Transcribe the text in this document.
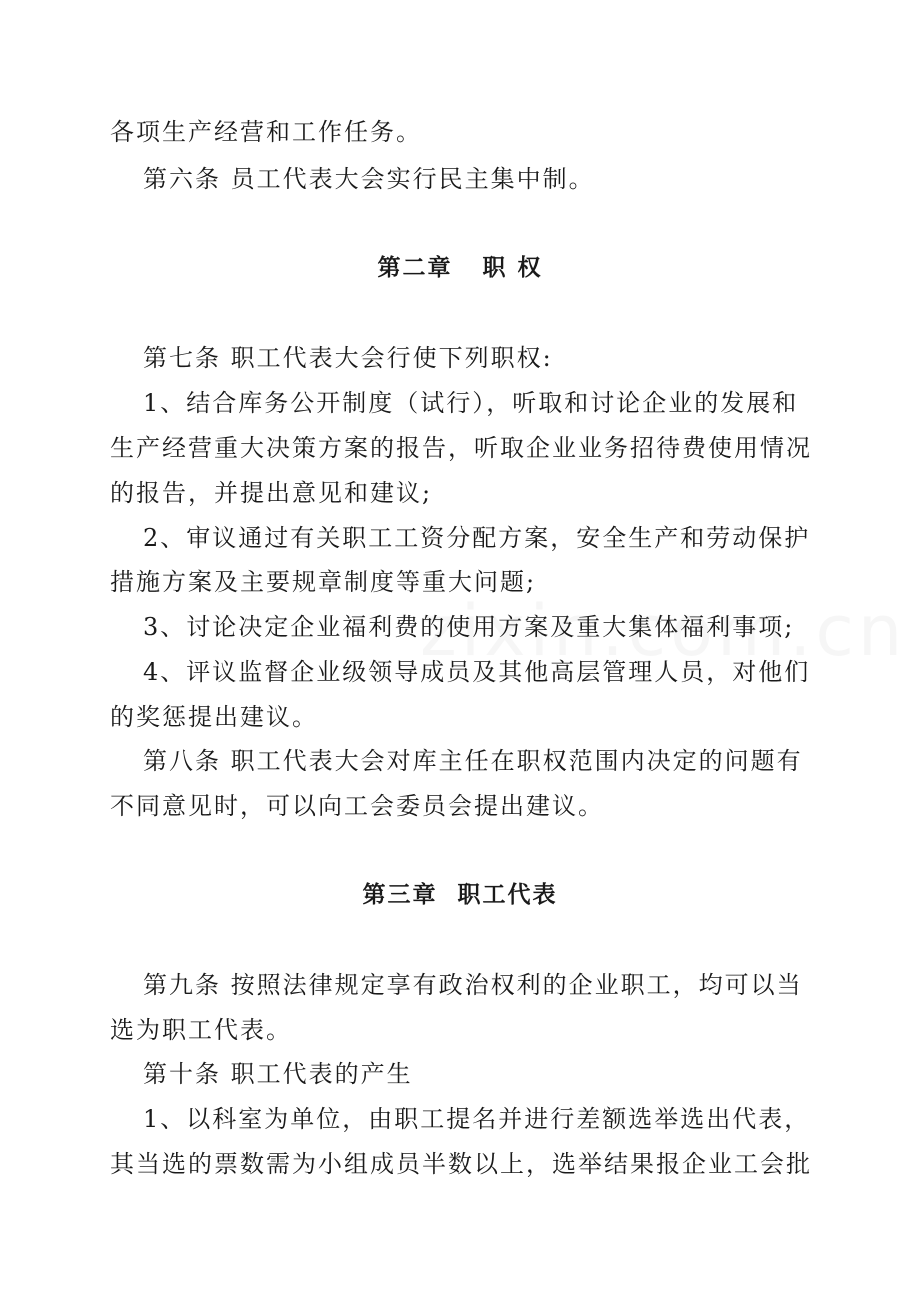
各项生产经营和工作任务。
第六条 员工代表大会实行民主集中制。
第二章   职 权
第七条 职工代表大会行使下列职权:
1、结合库务公开制度（试行），听取和讨论企业的发展和
生产经营重大决策方案的报告，听取企业业务招待费使用情况
的报告，并提出意见和建议;
2、审议通过有关职工工资分配方案，安全生产和劳动保护
措施方案及主要规章制度等重大问题;
3、讨论决定企业福利费的使用方案及重大集体福利事项;
4、评议监督企业级领导成员及其他高层管理人员，对他们
的奖惩提出建议。
第八条 职工代表大会对库主任在职权范围内决定的问题有
不同意见时，可以向工会委员会提出建议。
第三章  职工代表
第九条 按照法律规定享有政治权利的企业职工，均可以当
选为职工代表。
第十条 职工代表的产生
1、以科室为单位，由职工提名并进行差额选举选出代表，
其当选的票数需为小组成员半数以上，选举结果报企业工会批
